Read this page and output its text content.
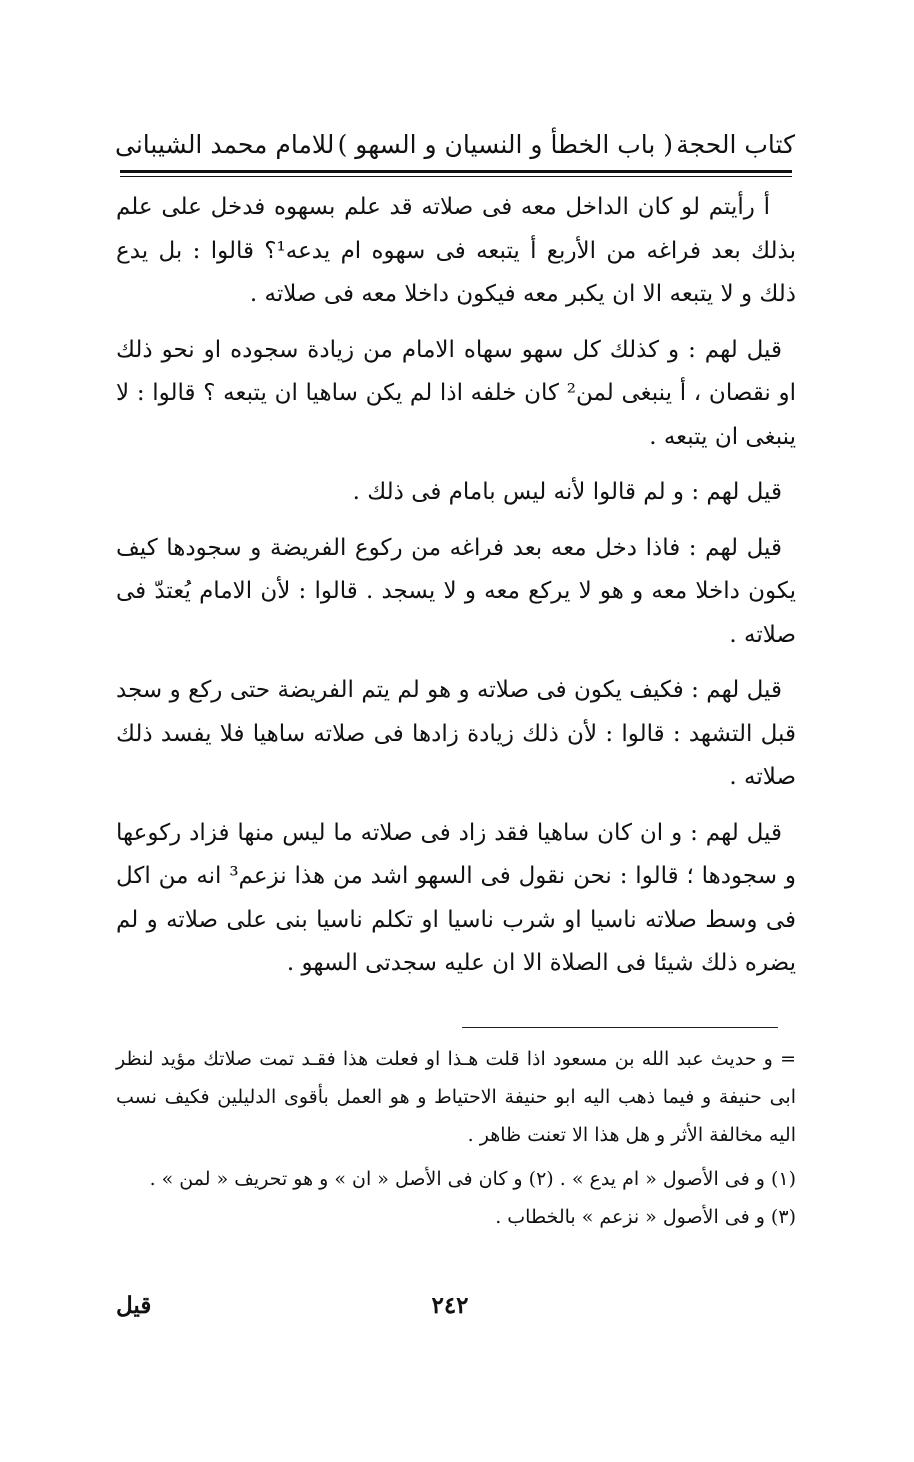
كتاب الحجة
( باب الخطأ و النسيان و السهو )
للامام محمد الشيبانى

أ رأيتم لو كان الداخل معه فى صلاته قد علم بسهوه فدخل على علم بذلك بعد فراغه من الأربع أ يتبعه فى سهوه ام يدعه¹؟ قالوا : بل يدع ذلك و لا يتبعه الا ان يكبر معه فيكون داخلا معه فى صلاته .

قيل لهم : و كذلك كل سهو سهاه الامام من زيادة سجوده او نحو ذلك او نقصان ، أ ينبغى لمن² كان خلفه اذا لم يكن ساهيا ان يتبعه ؟ قالوا : لا ينبغى ان يتبعه .

قيل لهم : و لم قالوا لأنه ليس بامام فى ذلك .

قيل لهم : فاذا دخل معه بعد فراغه من ركوع الفريضة و سجودها كيف يكون داخلا معه و هو لا يركع معه و لا يسجد . قالوا : لأن الامام يُعتدّ فى صلاته .

قيل لهم : فكيف يكون فى صلاته و هو لم يتم الفريضة حتى ركع و سجد قبل التشهد : قالوا : لأن ذلك زيادة زادها فى صلاته ساهيا فلا يفسد ذلك صلاته .

قيل لهم : و ان كان ساهيا فقد زاد فى صلاته ما ليس منها فزاد ركوعها و سجودها ؛ قالوا : نحن نقول فى السهو اشد من هذا نزعم³ انه من اكل فى وسط صلاته ناسيا او شرب ناسيا او تكلم ناسيا بنى على صلاته و لم يضره ذلك شيئا فى الصلاة الا ان عليه سجدتى السهو .

= و حديث عبد الله بن مسعود اذا قلت هـذا او فعلت هذا فقـد تمت صلاتك مؤيد لنظر ابى حنيفة و فيما ذهب اليه ابو حنيفة الاحتياط و هو العمل بأقوى الدليلين فكيف نسب اليه مخالفة الأثر و هل هذا الا تعنت ظاهر .

(١) و فى الأصول « ام يدع » . (٢) و كان فى الأصل « ان » و هو تحريف « لمن » .

(٣) و فى الأصول « نزعم » بالخطاب .

٢٤٢
قيل
